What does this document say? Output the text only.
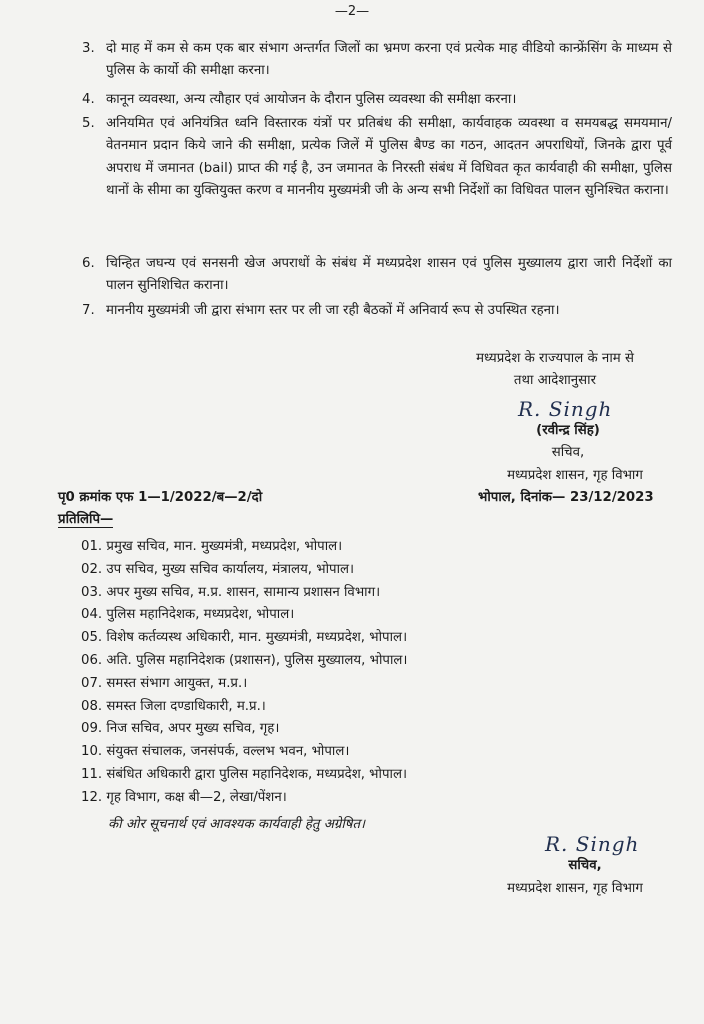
—2—
3. दो माह में कम से कम एक बार संभाग अन्तर्गत जिलों का भ्रमण करना एवं प्रत्येक माह वीडियो कान्फ्रेंसिंग के माध्यम से पुलिस के कार्यो की समीक्षा करना।
4. कानून व्यवस्था, अन्य त्यौहार एवं आयोजन के दौरान पुलिस व्यवस्था की समीक्षा करना।
5. अनियमित एवं अनियंत्रित ध्वनि विस्तारक यंत्रों पर प्रतिबंध की समीक्षा, कार्यवाहक व्यवस्था व समयबद्ध समयमान/वेतनमान प्रदान किये जाने की समीक्षा, प्रत्येक जिलें में पुलिस बैण्ड का गठन, आदतन अपराधियों, जिनके द्वारा पूर्व अपराध में जमानत (bail) प्राप्त की गई है, उन जमानत के निरस्ती संबंध में विधिवत कृत कार्यवाही की समीक्षा, पुलिस थानों के सीमा का युक्तियुक्त करण व माननीय मुख्यमंत्री जी के अन्य सभी निर्देशों का विधिवत पालन सुनिश्चित कराना।
6. चिन्हित जघन्य एवं सनसनी खेज अपराधों के संबंध में मध्यप्रदेश शासन एवं पुलिस मुख्यालय द्वारा जारी निर्देशों का पालन सुनिशिचित कराना।
7. माननीय मुख्यमंत्री जी द्वारा संभाग स्तर पर ली जा रही बैठकों में अनिवार्य रूप से उपस्थित रहना।
मध्यप्रदेश के राज्यपाल के नाम से
तथा आदेशानुसार
R. Singh
(रवीन्द्र सिंह)
सचिव,
मध्यप्रदेश शासन, गृह विभाग
पृ0 क्रमांक एफ 1—1/2022/ब—2/दो	भोपाल, दिनांक— 23/12/2023
प्रतिलिपि—
01. प्रमुख सचिव, मान. मुख्यमंत्री, मध्यप्रदेश, भोपाल।
02. उप सचिव, मुख्य सचिव कार्यालय, मंत्रालय, भोपाल।
03. अपर मुख्य सचिव, म.प्र. शासन, सामान्य प्रशासन विभाग।
04. पुलिस महानिदेशक, मध्यप्रदेश, भोपाल।
05. विशेष कर्तव्यस्थ अधिकारी, मान. मुख्यमंत्री, मध्यप्रदेश, भोपाल।
06. अति. पुलिस महानिदेशक (प्रशासन), पुलिस मुख्यालय, भोपाल।
07. समस्त संभाग आयुक्त, म.प्र.।
08. समस्त जिला दण्डाधिकारी, म.प्र.।
09. निज सचिव, अपर मुख्य सचिव, गृह।
10. संयुक्त संचालक, जनसंपर्क, वल्लभ भवन, भोपाल।
11. संबंधित अधिकारी द्वारा पुलिस महानिदेशक, मध्यप्रदेश, भोपाल।
12. गृह विभाग, कक्ष बी—2, लेखा/पेंशन।
की ओर सूचनार्थ एवं आवश्यक कार्यवाही हेतु अग्रेषित।
R. Singh
सचिव,
मध्यप्रदेश शासन, गृह विभाग
